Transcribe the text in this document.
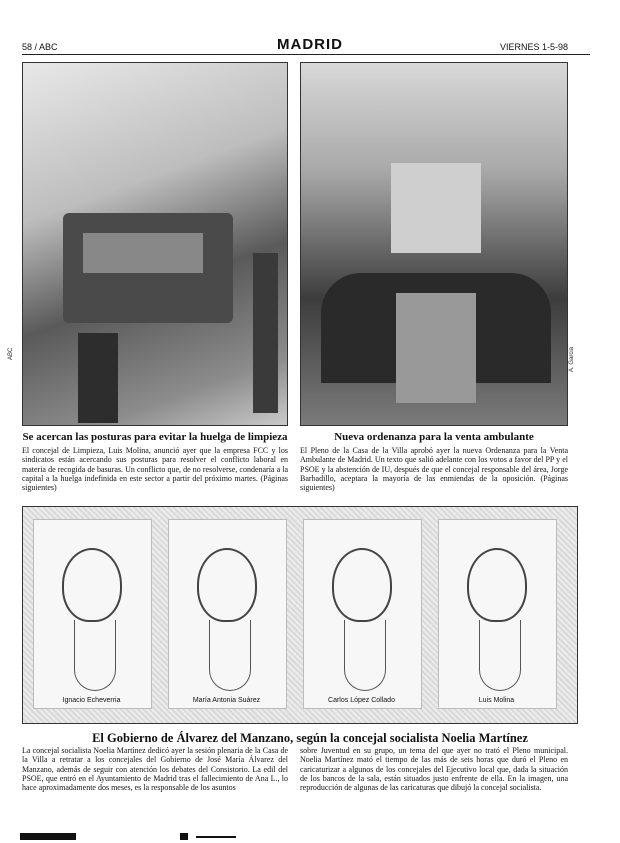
58 / ABC	MADRID	VIERNES 1-5-98
ABC	A. Garcia
Se acercan las posturas para evitar la huelga de limpieza
El concejal de Limpieza, Luis Molina, anunció ayer que la empresa FCC y los sindicatos están acercando sus posturas para resolver el conflicto laboral en materia de recogida de basuras. Un conflicto que, de no resolverse, condenaría a la capital a la huelga indefinida en este sector a partir del próximo martes. (Páginas siguientes)
Nueva ordenanza para la venta ambulante
El Pleno de la Casa de la Villa aprobó ayer la nueva Ordenanza para la Venta Ambulante de Madrid. Un texto que salió adelante con los votos a favor del PP y el PSOE y la abstención de IU, después de que el concejal responsable del área, Jorge Barbadillo, aceptara la mayoría de las enmiendas de la oposición. (Páginas siguientes)
Ignacio Echeverria	María Antonia Suárez	Carlos López Collado	Luis Molina
El Gobierno de Álvarez del Manzano, según la concejal socialista Noelia Martínez
La concejal socialista Noelia Martínez dedicó ayer la sesión plenaria de la Casa de la Villa a retratar a los concejales del Gobierno de José María Álvarez del Manzano, además de seguir con atención los debates del Consistorio. La edil del PSOE, que entró en el Ayuntamiento de Madrid tras el fallecimiento de Ana L., lo hace aproximadamente dos meses, es la responsable de los asuntos
sobre Juventud en su grupo, un tema del que ayer no trató el Pleno municipal. Noelia Martínez mató el tiempo de las más de seis horas que duró el Pleno en caricaturizar a algunos de los concejales del Ejecutivo local que, dada la situación de los bancos de la sala, están situados justo enfrente de ella. En la imagen, una reproducción de algunas de las caricaturas que dibujó la concejal socialista.
